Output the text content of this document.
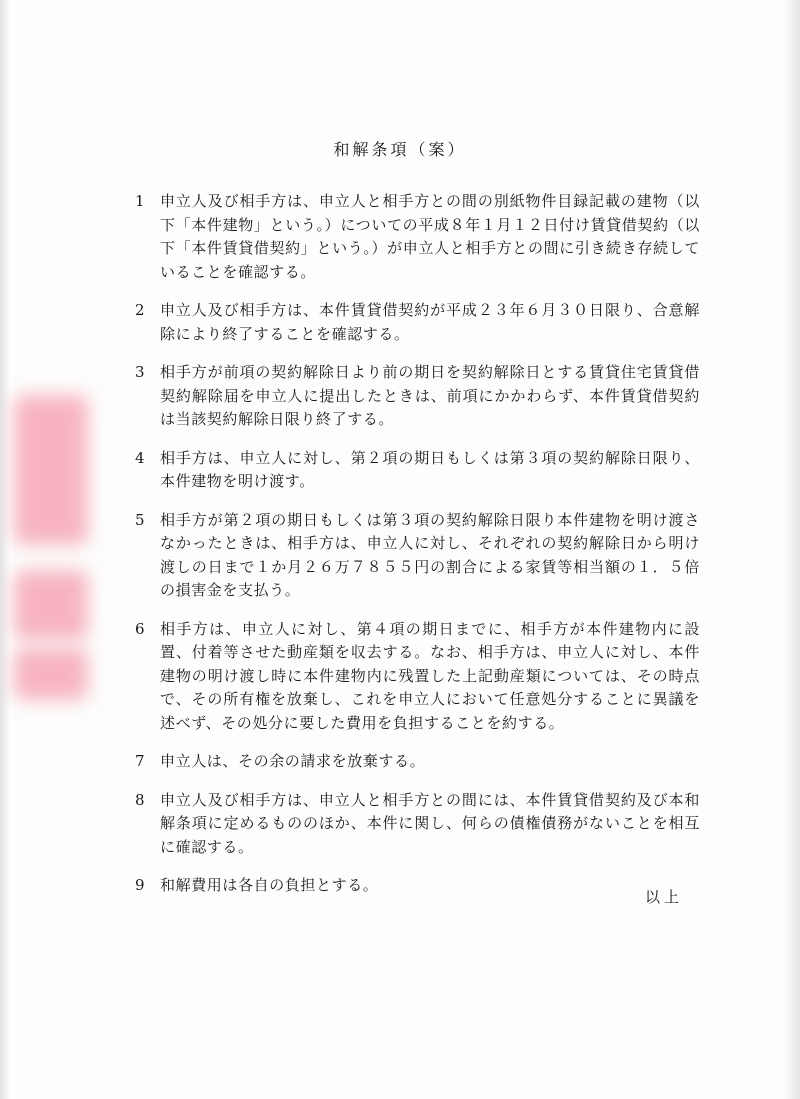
和解条項（案）
1	申立人及び相手方は、申立人と相手方との間の別紙物件目録記載の建物（以下「本件建物」という。）についての平成８年１月１２日付け賃貸借契約（以下「本件賃貸借契約」という。）が申立人と相手方との間に引き続き存続していることを確認する。
2	申立人及び相手方は、本件賃貸借契約が平成２３年６月３０日限り、合意解除により終了することを確認する。
3	相手方が前項の契約解除日より前の期日を契約解除日とする賃貸住宅賃貸借契約解除届を申立人に提出したときは、前項にかかわらず、本件賃貸借契約は当該契約解除日限り終了する。
4	相手方は、申立人に対し、第２項の期日もしくは第３項の契約解除日限り、本件建物を明け渡す。
5	相手方が第２項の期日もしくは第３項の契約解除日限り本件建物を明け渡さなかったときは、相手方は、申立人に対し、それぞれの契約解除日から明け渡しの日まで１か月２６万７８５５円の割合による家賃等相当額の１．５倍の損害金を支払う。
6	相手方は、申立人に対し、第４項の期日までに、相手方が本件建物内に設置、付着等させた動産類を収去する。なお、相手方は、申立人に対し、本件建物の明け渡し時に本件建物内に残置した上記動産類については、その時点で、その所有権を放棄し、これを申立人において任意処分することに異議を述べず、その処分に要した費用を負担することを約する。
7	申立人は、その余の請求を放棄する。
8	申立人及び相手方は、申立人と相手方との間には、本件賃貸借契約及び本和解条項に定めるもののほか、本件に関し、何らの債権債務がないことを相互に確認する。
9	和解費用は各自の負担とする。
以上
